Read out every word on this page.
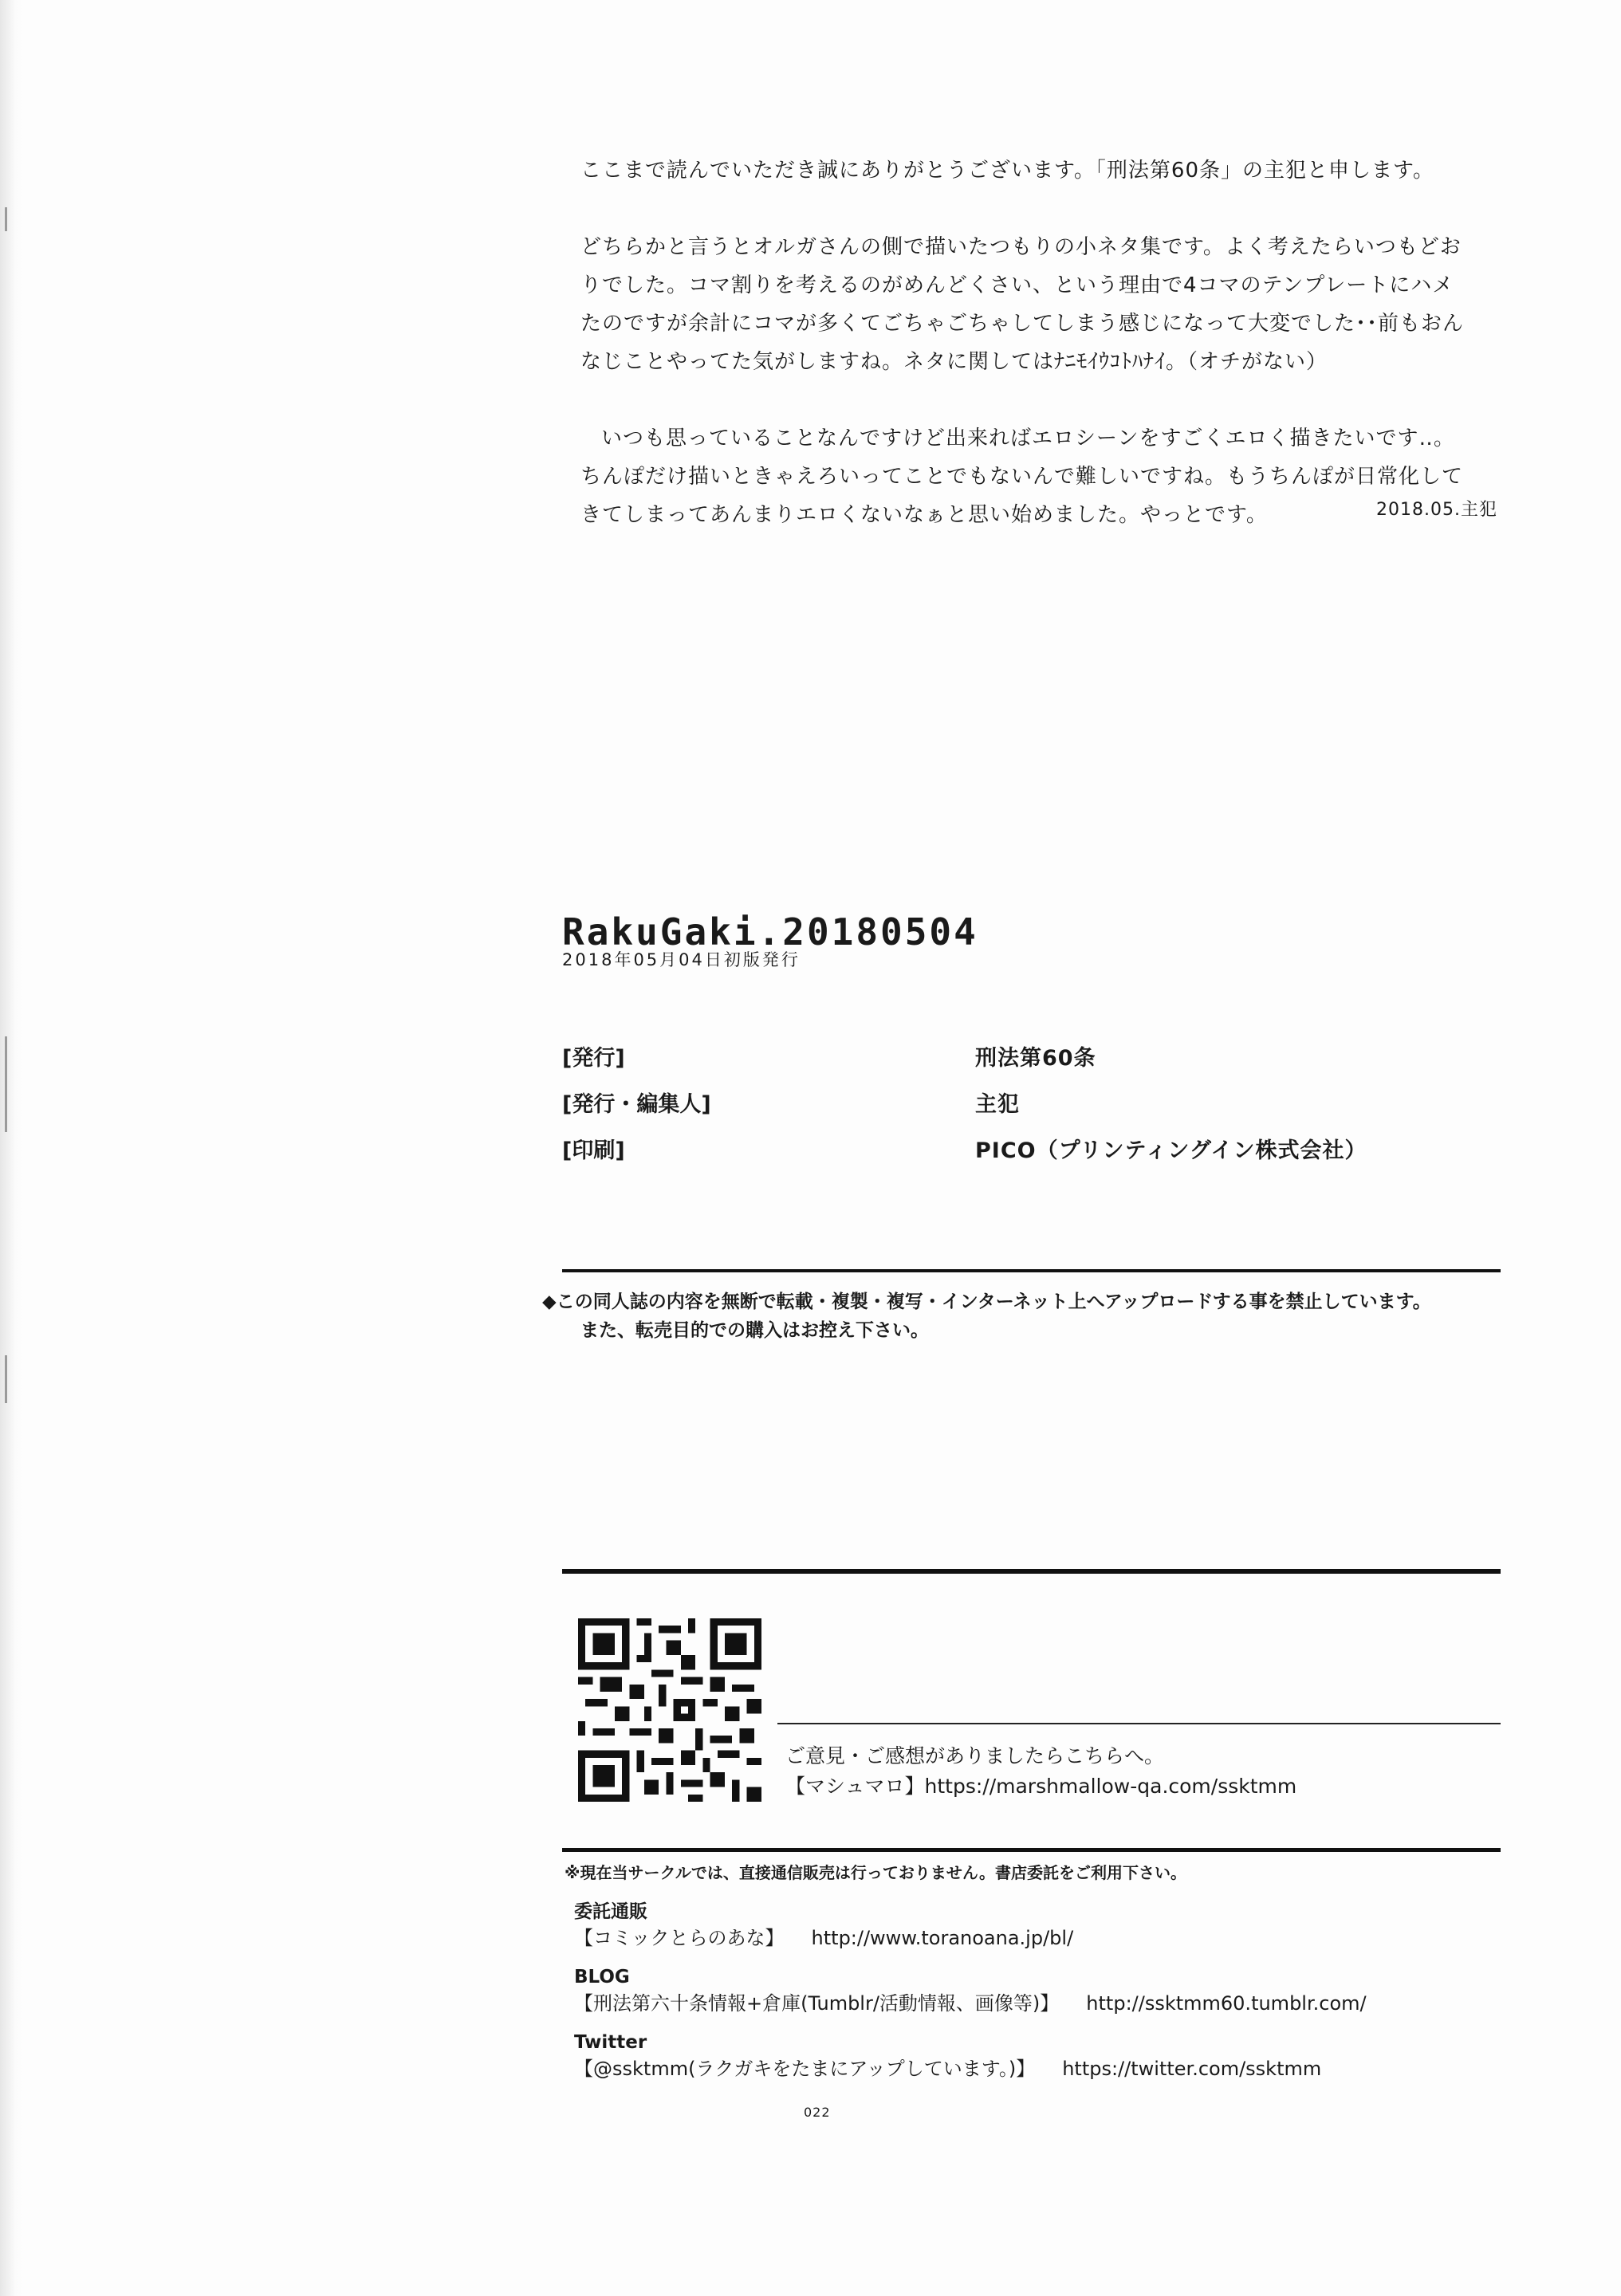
ここまで読んでいただき誠にありがとうございます。「刑法第60条」の主犯と申します。

どちらかと言うとオルガさんの側で描いたつもりの小ネタ集です。よく考えたらいつもどお

りでした。コマ割りを考えるのがめんどくさい、という理由で4コマのテンプレートにハメ

たのですが余計にコマが多くてごちゃごちゃしてしまう感じになって大変でした･･前もおん

なじことやってた気がしますね。ネタに関してはﾅﾆﾓｲｳｺﾄﾊﾅｲ。（オチがない）

いつも思っていることなんですけど出来ればエロシーンをすごくエロく描きたいです‥。

ちんぽだけ描いときゃえろいってことでもないんで難しいですね。もうちんぽが日常化して

きてしまってあんまりエロくないなぁと思い始めました。やっとです。	2018.05.主犯
RakuGaki.20180504
2018年05月04日初版発行
[発行]	刑法第60条
[発行・編集人]	主犯
[印刷]	PICO（プリンティングイン株式会社）

◆この同人誌の内容を無断で転載・複製・複写・インターネット上へアップロードする事を禁止しています。

また、転売目的での購入はお控え下さい。

ご意見・ご感想がありましたらこちらへ。

【マシュマロ】https://marshmallow-qa.com/ssktmm

※現在当サークルでは、直接通信販売は行っておりません。書店委託をご利用下さい。

委託通販

【コミックとらのあな】 http://www.toranoana.jp/bl/

BLOG

【刑法第六十条情報+倉庫(Tumblr/活動情報、画像等)】 http://ssktmm60.tumblr.com/

Twitter

【@ssktmm(ラクガキをたまにアップしています。)】 https://twitter.com/ssktmm

022
